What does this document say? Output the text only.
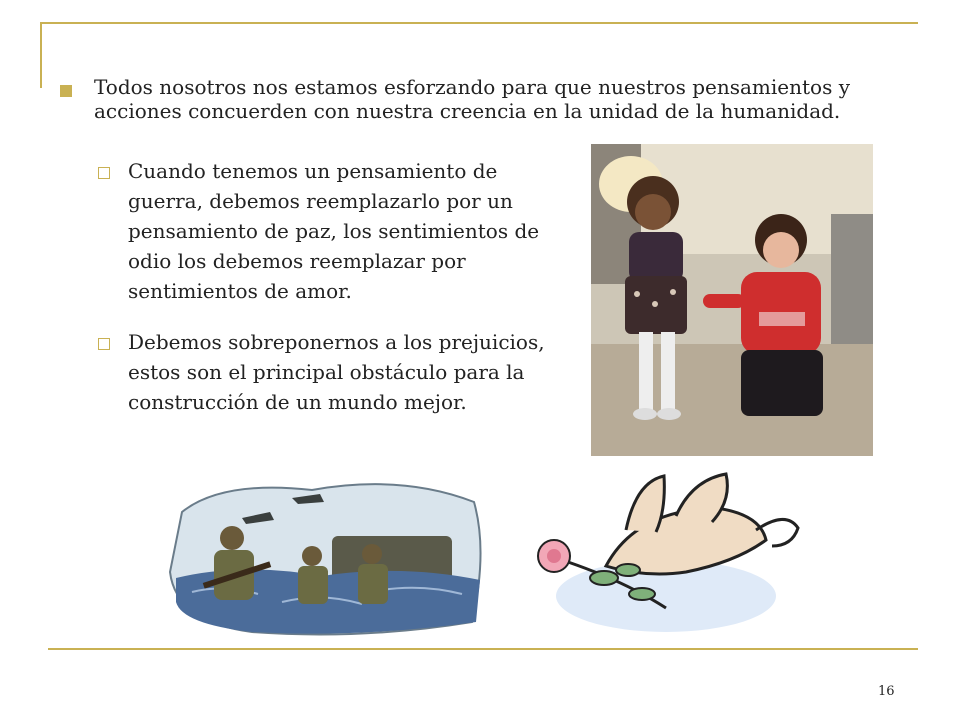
Todos nosotros nos estamos esforzando para que nuestros pensamientos y acciones concuerden con nuestra creencia en la unidad de la humanidad.
Cuando tenemos un pensamiento de guerra, debemos reemplazarlo por un pensamiento de paz, los sentimientos de odio los debemos reemplazar por sentimientos de amor.
Debemos sobreponernos a los prejuicios, estos son el principal obstáculo para la construcción de un mundo mejor.
16
